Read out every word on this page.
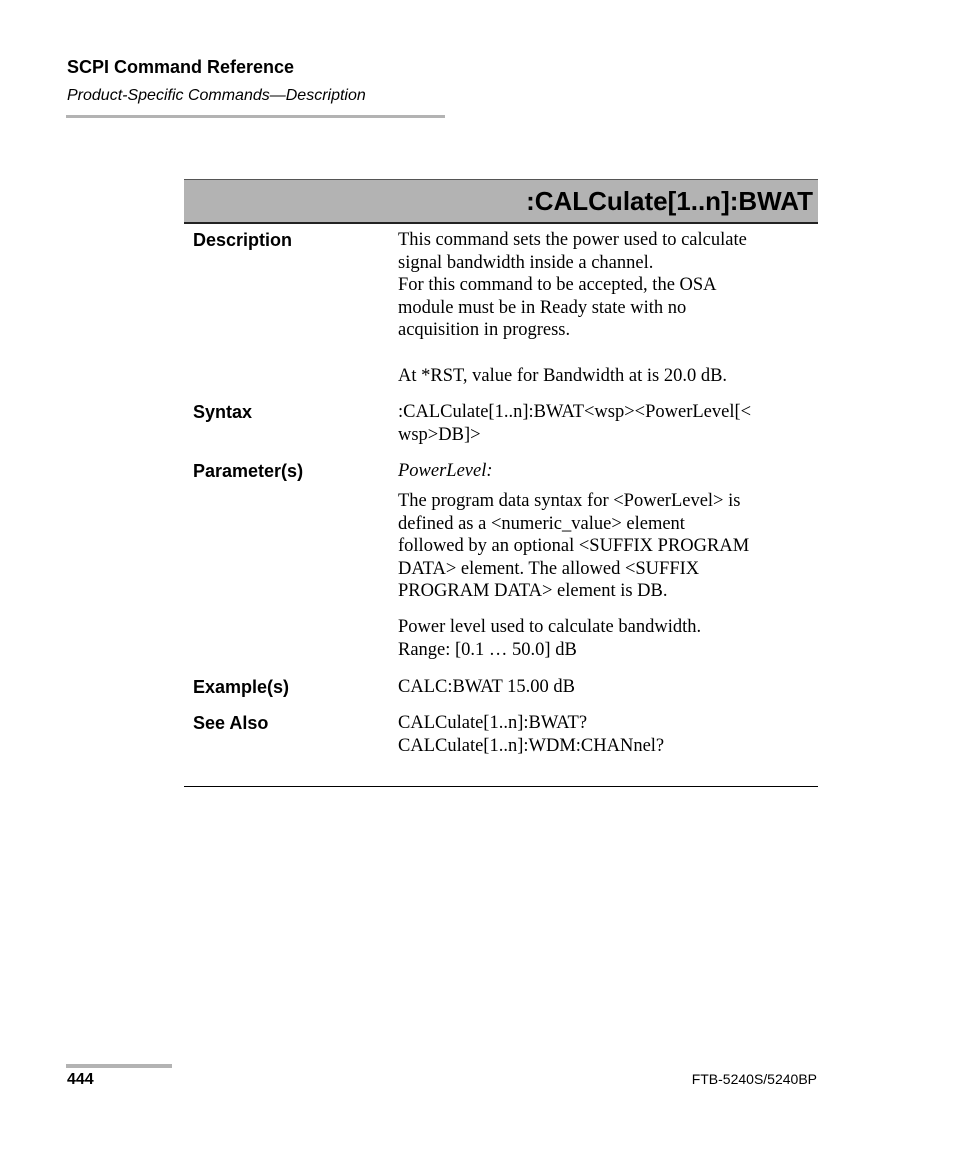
SCPI Command Reference
Product-Specific Commands—Description
:CALCulate[1..n]:BWAT
Description	This command sets the power used to calculate

signal bandwidth inside a channel.

For this command to be accepted, the OSA

module must be in Ready state with no

acquisition in progress.

At *RST, value for Bandwidth at is 20.0 dB.

Syntax	:CALCulate[1..n]:BWAT<wsp><PowerLevel[<

wsp>DB]>

Parameter(s)	PowerLevel:

The program data syntax for <PowerLevel> is

defined as a <numeric_value> element

followed by an optional <SUFFIX PROGRAM

DATA> element. The allowed <SUFFIX

PROGRAM DATA> element is DB.

Power level used to calculate bandwidth.

Range: [0.1 … 50.0] dB

Example(s)	CALC:BWAT 15.00 dB
See Also	CALCulate[1..n]:BWAT?

CALCulate[1..n]:WDM:CHANnel?

444	FTB-5240S/5240BP
